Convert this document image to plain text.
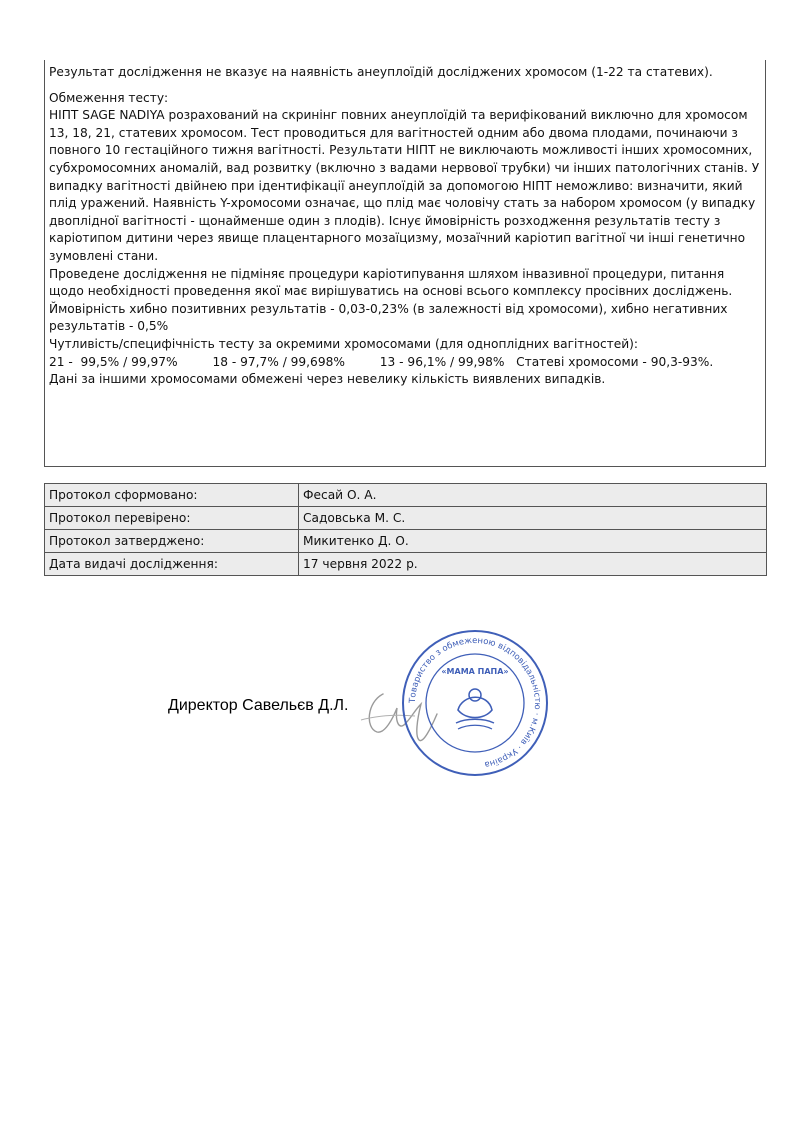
Результат дослідження не вказує на наявність анеуплоїдій досліджених хромосом (1-22 та статевих).

Обмеження тесту:

НІПТ SAGE NADIYA розрахований на скринінг повних анеуплоїдій та верифікований виключно для хромосом 13, 18, 21, статевих хромосом. Тест проводиться для вагітностей одним або двома плодами, починаючи з повного 10 гестаційного тижня вагітності. Результати НІПТ не виключають можливості інших хромосомних, субхромосомних аномалій, вад розвитку (включно з вадами нервової трубки) чи інших патологічних станів. У випадку вагітності двійнею при ідентифікації анеуплоїдій за допомогою НІПТ неможливо: визначити, який плід уражений. Наявність Y-хромосоми означає, що плід має чоловічу стать за набором хромосом (у випадку двоплідної вагітності - щонайменше один з плодів). Існує ймовірність розходження результатів тесту з каріотипом дитини через явище плацентарного мозаїцизму, мозаїчний каріотип вагітної чи інші генетично зумовлені стани.

Проведене дослідження не підміняє процедури каріотипування шляхом інвазивної процедури, питання щодо необхідності проведення якої має вирішуватись на основі всього комплексу просівних досліджень.

Ймовірність хибно позитивних результатів - 0,03-0,23% (в залежності від хромосоми), хибно негативних результатів - 0,5%

Чутливість/специфічність тесту за окремими хромосомами (для одноплідних вагітностей):

21 -  99,5% / 99,97%	18 - 97,7% / 99,698%	13 - 96,1% / 99,98% Статеві хромосоми - 90,3-93%.

Дані за іншими хромосомами обмежені через невелику кількість виявлених випадків.

Протокол сформовано:	Фесай О. А.
Протокол перевірено:	Садовська М. С.
Протокол затверджено:	Микитенко Д. О.
Дата видачі дослідження:	17 червня 2022 р.
Директор Савельєв Д.Л.	Товариство з обмеженою відповідальністю · м.Київ · Україна
«МАМА ПАПА»
